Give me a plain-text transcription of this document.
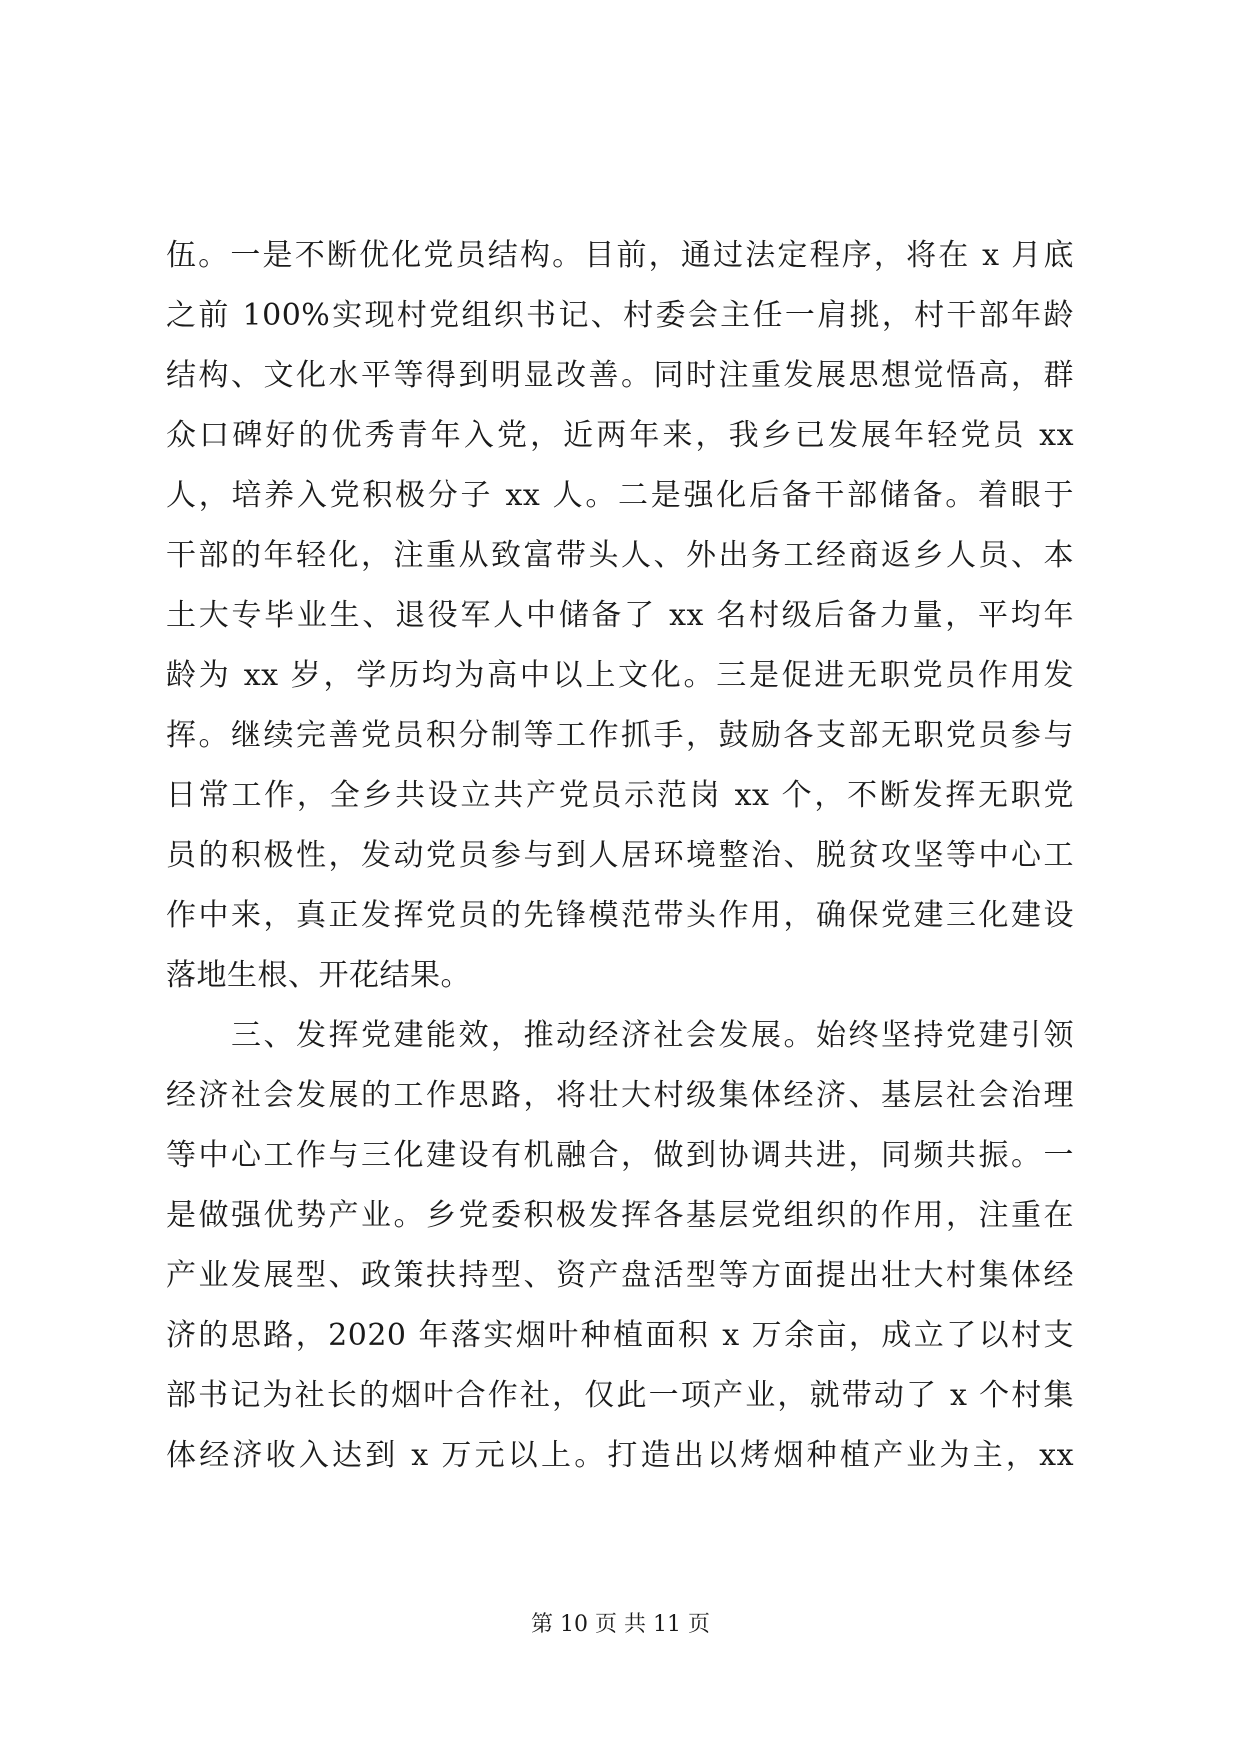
伍。一是不断优化党员结构。目前，通过法定程序，将在 x 月底
之前 100%实现村党组织书记、村委会主任一肩挑，村干部年龄
结构、文化水平等得到明显改善。同时注重发展思想觉悟高，群
众口碑好的优秀青年入党，近两年来，我乡已发展年轻党员 xx
人，培养入党积极分子 xx 人。二是强化后备干部储备。着眼于
干部的年轻化，注重从致富带头人、外出务工经商返乡人员、本
土大专毕业生、退役军人中储备了 xx 名村级后备力量，平均年
龄为 xx 岁，学历均为高中以上文化。三是促进无职党员作用发
挥。继续完善党员积分制等工作抓手，鼓励各支部无职党员参与
日常工作，全乡共设立共产党员示范岗 xx 个，不断发挥无职党
员的积极性，发动党员参与到人居环境整治、脱贫攻坚等中心工
作中来，真正发挥党员的先锋模范带头作用，确保党建三化建设
落地生根、开花结果。
　　三、发挥党建能效，推动经济社会发展。始终坚持党建引领
经济社会发展的工作思路，将壮大村级集体经济、基层社会治理
等中心工作与三化建设有机融合，做到协调共进，同频共振。一
是做强优势产业。乡党委积极发挥各基层党组织的作用，注重在
产业发展型、政策扶持型、资产盘活型等方面提出壮大村集体经
济的思路，2020 年落实烟叶种植面积 x 万余亩，成立了以村支
部书记为社长的烟叶合作社，仅此一项产业，就带动了 x 个村集
体经济收入达到 x 万元以上。打造出以烤烟种植产业为主，xx
第 10 页 共 11 页
